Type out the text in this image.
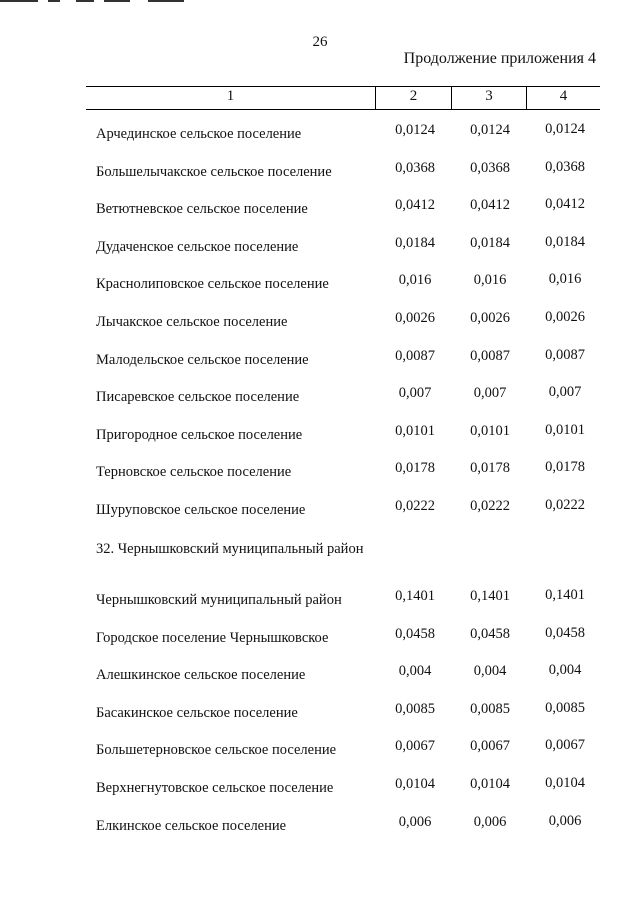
26
Продолжение приложения 4
1	2	3	4
Арчединское сельское поселение	0,0124	0,0124	0,0124
Большелычакское сельское поселение	0,0368	0,0368	0,0368
Ветютневское сельское поселение	0,0412	0,0412	0,0412
Дудаченское сельское поселение	0,0184	0,0184	0,0184
Краснолиповское сельское поселение	0,016	0,016	0,016
Лычакское сельское поселение	0,0026	0,0026	0,0026
Малодельское сельское поселение	0,0087	0,0087	0,0087
Писаревское сельское поселение	0,007	0,007	0,007
Пригородное сельское поселение	0,0101	0,0101	0,0101
Терновское сельское поселение	0,0178	0,0178	0,0178
Шуруповское сельское поселение	0,0222	0,0222	0,0222
32. Чернышковский муниципальный район
Чернышковский муниципальный район	0,1401	0,1401	0,1401
Городское поселение Чернышковское	0,0458	0,0458	0,0458
Алешкинское сельское поселение	0,004	0,004	0,004
Басакинское сельское поселение	0,0085	0,0085	0,0085
Большетерновское сельское поселение	0,0067	0,0067	0,0067
Верхнегнутовское сельское поселение	0,0104	0,0104	0,0104
Елкинское сельское поселение	0,006	0,006	0,006
